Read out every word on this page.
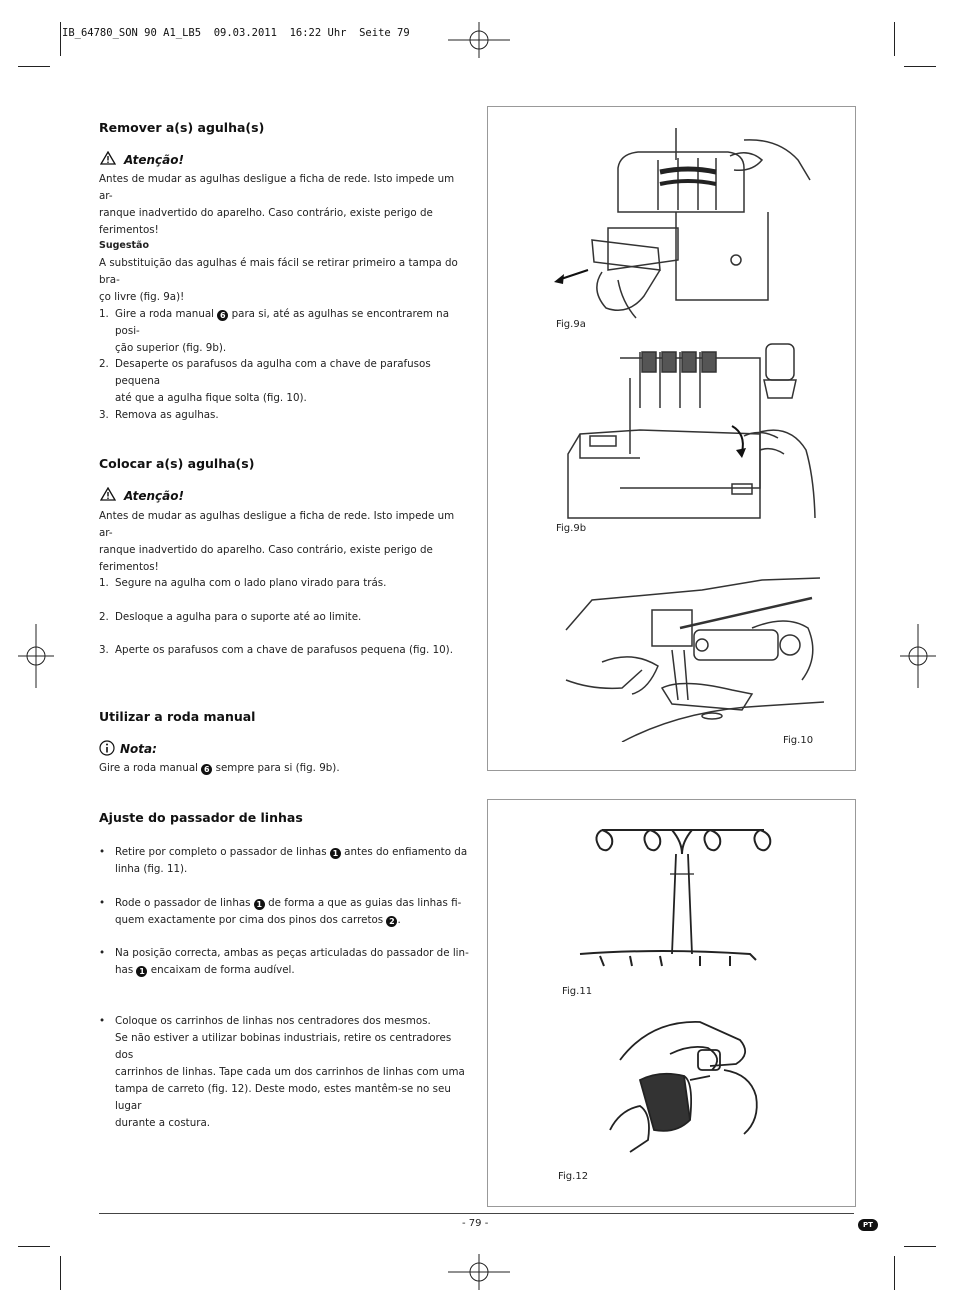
IB_64780_SON 90 A1_LB5  09.03.2011  16:22 Uhr  Seite 79
Remover a(s) agulha(s)
Atenção!
Antes de mudar as agulhas desligue a ficha de rede. Isto impede um ar-
ranque inadvertido do aparelho. Caso contrário, existe perigo de
ferimentos!
Sugestão
A substituição das agulhas é mais fácil se retirar primeiro a tampa do bra-
ço livre (fig. 9a)!
1. Gire a roda manual 6 para si, até as agulhas se encontrarem na posi-
ção superior (fig. 9b).
2. Desaperte os parafusos da agulha com a chave de parafusos pequena
até que a agulha fique solta (fig. 10).
3. Remova as agulhas.
Colocar a(s) agulha(s)
Atenção!
Antes de mudar as agulhas desligue a ficha de rede. Isto impede um ar-
ranque inadvertido do aparelho. Caso contrário, existe perigo de
ferimentos!
1. Segure na agulha com o lado plano virado para trás.
2. Desloque a agulha para o suporte até ao limite.
3. Aperte os parafusos com a chave de parafusos pequena (fig. 10).
Utilizar a roda manual
Nota:
Gire a roda manual 6 sempre para si (fig. 9b).
Ajuste do passador de linhas
• Retire por completo o passador de linhas 1 antes do enfiamento da
linha (fig. 11).
• Rode o passador de linhas 1 de forma a que as guias das linhas fi-
quem exactamente por cima dos pinos dos carretos 2 .
• Na posição correcta, ambas as peças articuladas do passador de lin-
has 1 encaixam de forma audível.
• Coloque os carrinhos de linhas nos centradores dos mesmos.
Se não estiver a utilizar bobinas industriais, retire os centradores dos
carrinhos de linhas. Tape cada um dos carrinhos de linhas com uma
tampa de carreto (fig. 12). Deste modo, estes mantêm-se no seu lugar
durante a costura.
Fig.9a
Fig.9b
Fig.10
Fig.11
Fig.12
- 79 -	PT
